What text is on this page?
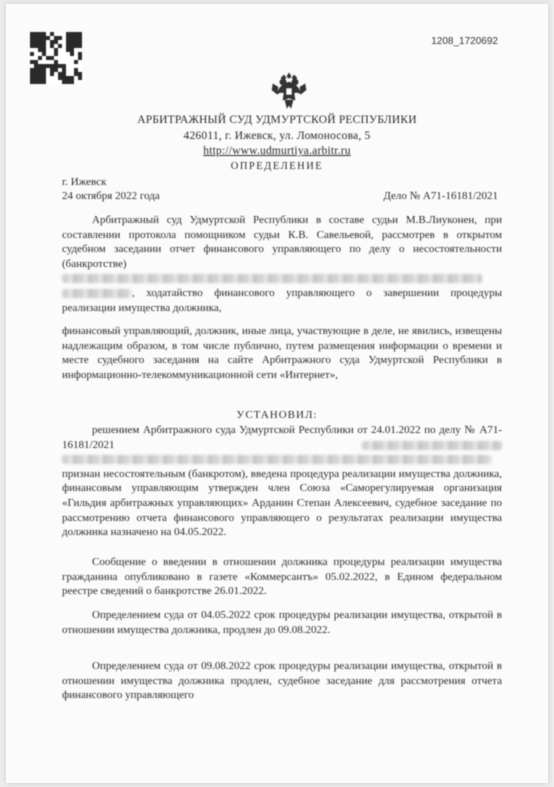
1208_1720692
АРБИТРАЖНЫЙ СУД УДМУРТСКОЙ РЕСПУБЛИКИ
426011, г. Ижевск, ул. Ломоносова, 5
http://www.udmurtiya.arbitr.ru
ОПРЕДЕЛЕНИЕ
г. Ижевск
24 октября 2022 года	Дело № А71-16181/2021
Арбитражный суд Удмуртской Республики в составе судьи М.В.Лиуконен, при составлении протокола помощником судьи К.В. Савельевой, рассмотрев в открытом судебном заседании отчет финансового управляющего по делу о несостоятельности (банкротстве)  , ходатайство финансового управляющего о завершении процедуры реализации имущества должника,
финансовый управляющий, должник, иные лица, участвующие в деле, не явились, извещены надлежащим образом, в том числе публично, путем размещения информации о времени и месте судебного заседания на сайте Арбитражного суда Удмуртской Республики в информационно-телекоммуникационной сети «Интернет»,
УСТАНОВИЛ:
решением Арбитражного суда Удмуртской Республики от 24.01.2022 по делу № А71-16181/2021   признан несостоятельным (банкротом), введена процедура реализации имущества должника, финансовым управляющим утвержден член Союза «Саморегулируемая организация «Гильдия арбитражных управляющих» Арданин Степан Алексеевич, судебное заседание по рассмотрению отчета финансового управляющего о результатах реализации имущества должника назначено на 04.05.2022.
Сообщение о введении в отношении должника процедуры реализации имущества гражданина опубликовано в газете «Коммерсантъ» 05.02.2022, в Едином федеральном реестре сведений о банкротстве 26.01.2022.
Определением суда от 04.05.2022 срок процедуры реализации имущества, открытой в отношении имущества должника, продлен до 09.08.2022.
Определением суда от 09.08.2022 срок процедуры реализации имущества, открытой в отношении имущества должника продлен, судебное заседание для рассмотрения отчета финансового управляющего
